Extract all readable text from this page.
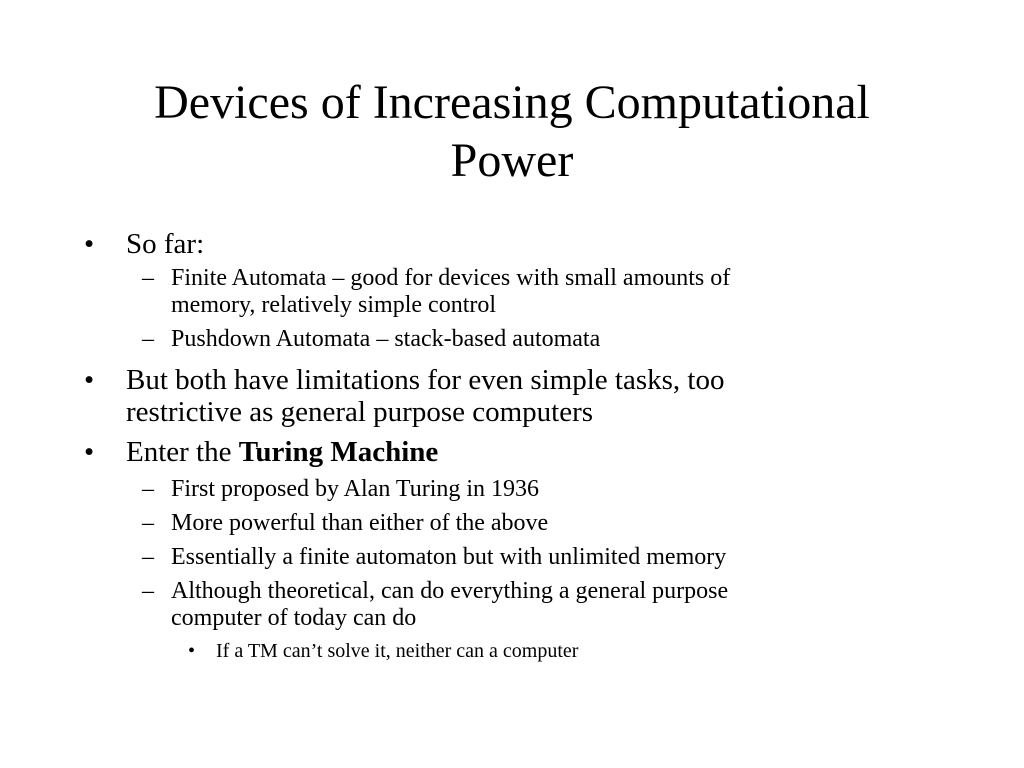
Devices of Increasing Computational
Power
• So far:
– Finite Automata – good for devices with small amounts of
memory, relatively simple control
– Pushdown Automata – stack-based automata
• But both have limitations for even simple tasks, too
restrictive as general purpose computers
• Enter the Turing Machine
– First proposed by Alan Turing in 1936
– More powerful than either of the above
– Essentially a finite automaton but with unlimited memory
– Although theoretical, can do everything a general purpose
computer of today can do
• If a TM can’t solve it, neither can a computer
